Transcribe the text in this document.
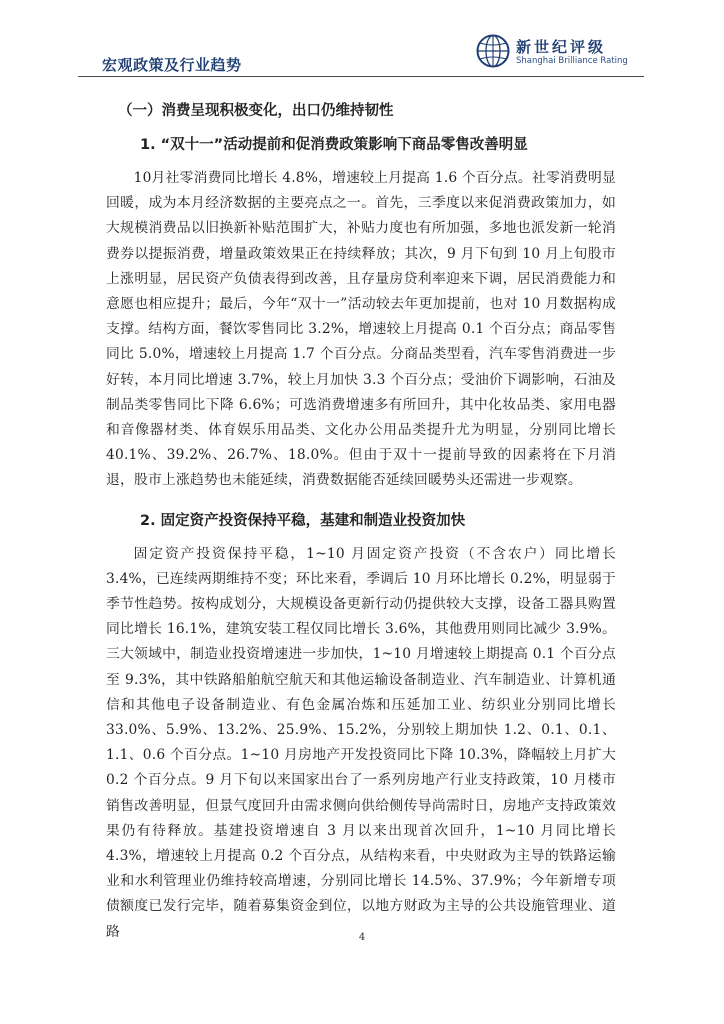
宏观政策及行业趋势
新世纪评级
Shanghai Brilliance Rating
（一）消费呈现积极变化，出口仍维持韧性
1. “双十一”活动提前和促消费政策影响下商品零售改善明显

10月社零消费同比增长 4.8%，增速较上月提高 1.6 个百分点。社零消费明显回暖，成为本月经济数据的主要亮点之一。首先，三季度以来促消费政策加力，如大规模消费品以旧换新补贴范围扩大，补贴力度也有所加强，多地也派发新一轮消费券以提振消费，增量政策效果正在持续释放；其次，9 月下旬到 10 月上旬股市上涨明显，居民资产负债表得到改善，且存量房贷利率迎来下调，居民消费能力和意愿也相应提升；最后，今年“双十一”活动较去年更加提前，也对 10 月数据构成支撑。结构方面，餐饮零售同比 3.2%，增速较上月提高 0.1 个百分点；商品零售同比 5.0%，增速较上月提高 1.7 个百分点。分商品类型看，汽车零售消费进一步好转，本月同比增速 3.7%，较上月加快 3.3 个百分点；受油价下调影响，石油及制品类零售同比下降 6.6%；可选消费增速多有所回升，其中化妆品类、家用电器和音像器材类、体育娱乐用品类、文化办公用品类提升尤为明显，分别同比增长 40.1%、39.2%、26.7%、18.0%。但由于双十一提前导致的因素将在下月消退，股市上涨趋势也未能延续，消费数据能否延续回暖势头还需进一步观察。

2. 固定资产投资保持平稳，基建和制造业投资加快

固定资产投资保持平稳，1~10 月固定资产投资（不含农户）同比增长 3.4%，已连续两期维持不变；环比来看，季调后 10 月环比增长 0.2%，明显弱于季节性趋势。按构成划分，大规模设备更新行动仍提供较大支撑，设备工器具购置同比增长 16.1%，建筑安装工程仅同比增长 3.6%，其他费用则同比减少 3.9%。三大领域中，制造业投资增速进一步加快，1~10 月增速较上期提高 0.1 个百分点至 9.3%，其中铁路船舶航空航天和其他运输设备制造业、汽车制造业、计算机通信和其他电子设备制造业、有色金属冶炼和压延加工业、纺织业分别同比增长 33.0%、5.9%、13.2%、25.9%、15.2%，分别较上期加快 1.2、0.1、0.1、1.1、0.6 个百分点。1~10 月房地产开发投资同比下降 10.3%，降幅较上月扩大 0.2 个百分点。9 月下旬以来国家出台了一系列房地产行业支持政策，10 月楼市销售改善明显，但景气度回升由需求侧向供给侧传导尚需时日，房地产支持政策效果仍有待释放。基建投资增速自 3 月以来出现首次回升，1~10 月同比增长 4.3%，增速较上月提高 0.2 个百分点，从结构来看，中央财政为主导的铁路运输业和水利管理业仍维持较高增速，分别同比增长 14.5%、37.9%；今年新增专项债额度已发行完毕，随着募集资金到位，以地方财政为主导的公共设施管理业、道路	4
